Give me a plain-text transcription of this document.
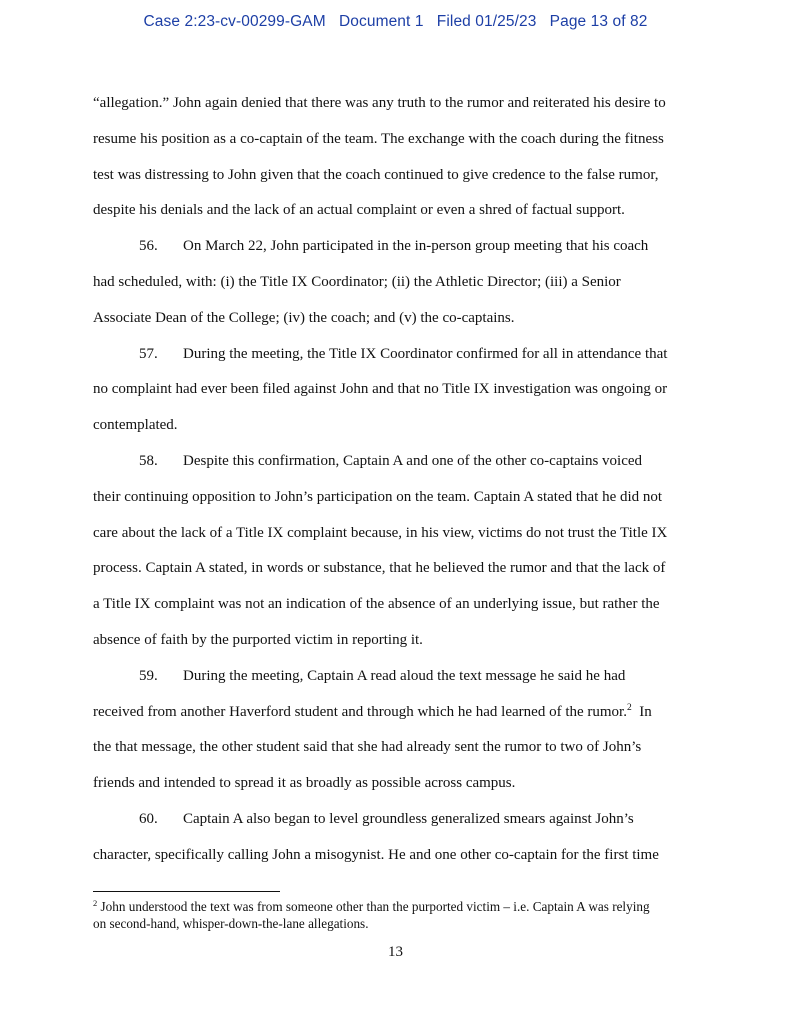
Case 2:23-cv-00299-GAM Document 1 Filed 01/25/23 Page 13 of 82
“allegation.” John again denied that there was any truth to the rumor and reiterated his desire to
resume his position as a co-captain of the team. The exchange with the coach during the fitness
test was distressing to John given that the coach continued to give credence to the false rumor,
despite his denials and the lack of an actual complaint or even a shred of factual support.
56. On March 22, John participated in the in-person group meeting that his coach
had scheduled, with: (i) the Title IX Coordinator; (ii) the Athletic Director; (iii) a Senior
Associate Dean of the College; (iv) the coach; and (v) the co-captains.
57. During the meeting, the Title IX Coordinator confirmed for all in attendance that
no complaint had ever been filed against John and that no Title IX investigation was ongoing or
contemplated.
58. Despite this confirmation, Captain A and one of the other co-captains voiced
their continuing opposition to John’s participation on the team. Captain A stated that he did not
care about the lack of a Title IX complaint because, in his view, victims do not trust the Title IX
process. Captain A stated, in words or substance, that he believed the rumor and that the lack of
a Title IX complaint was not an indication of the absence of an underlying issue, but rather the
absence of faith by the purported victim in reporting it.
59. During the meeting, Captain A read aloud the text message he said he had
received from another Haverford student and through which he had learned of the rumor.$^2$  In
the that message, the other student said that she had already sent the rumor to two of John’s
friends and intended to spread it as broadly as possible across campus.
60. Captain A also began to level groundless generalized smears against John’s
character, specifically calling John a misogynist. He and one other co-captain for the first time
$^2$ John understood the text was from someone other than the purported victim – i.e. Captain A was relying
on second-hand, whisper-down-the-lane allegations.
13
